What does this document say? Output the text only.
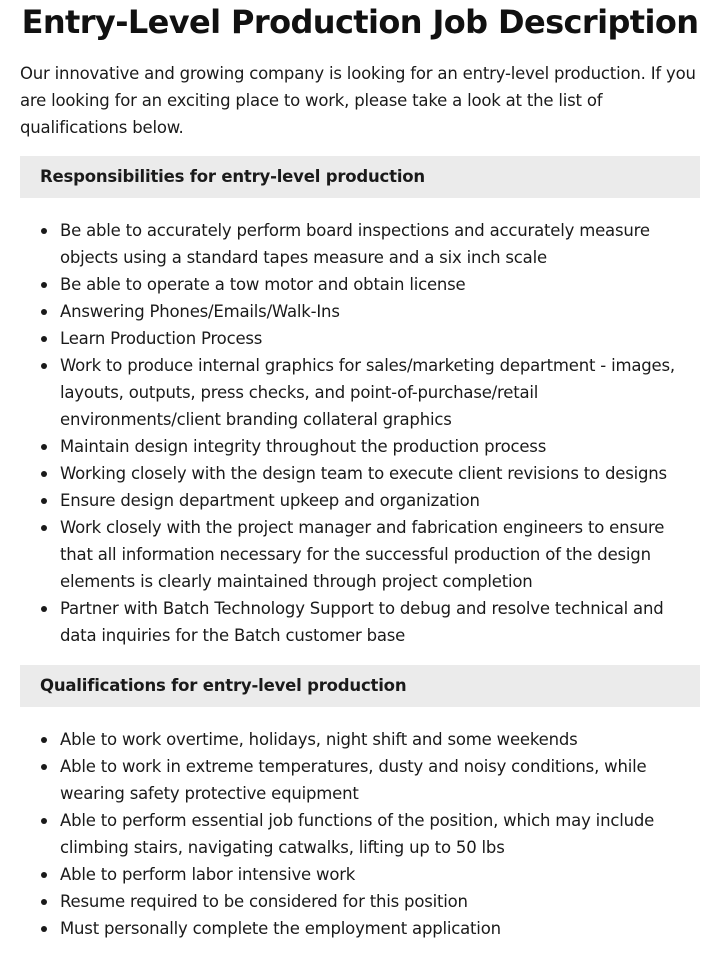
Entry-Level Production Job Description

Our innovative and growing company is looking for an entry-level production. If you are looking for an exciting place to work, please take a look at the list of qualifications below.

Responsibilities for entry-level production
Be able to accurately perform board inspections and accurately measure objects using a standard tapes measure and a six inch scale
Be able to operate a tow motor and obtain license
Answering Phones/Emails/Walk-Ins
Learn Production Process
Work to produce internal graphics for sales/marketing department - images, layouts, outputs, press checks, and point-of-purchase/retail environments/client branding collateral graphics
Maintain design integrity throughout the production process
Working closely with the design team to execute client revisions to designs
Ensure design department upkeep and organization
Work closely with the project manager and fabrication engineers to ensure that all information necessary for the successful production of the design elements is clearly maintained through project completion
Partner with Batch Technology Support to debug and resolve technical and data inquiries for the Batch customer base
Qualifications for entry-level production
Able to work overtime, holidays, night shift and some weekends
Able to work in extreme temperatures, dusty and noisy conditions, while wearing safety protective equipment
Able to perform essential job functions of the position, which may include climbing stairs, navigating catwalks, lifting up to 50 lbs
Able to perform labor intensive work
Resume required to be considered for this position
Must personally complete the employment application
